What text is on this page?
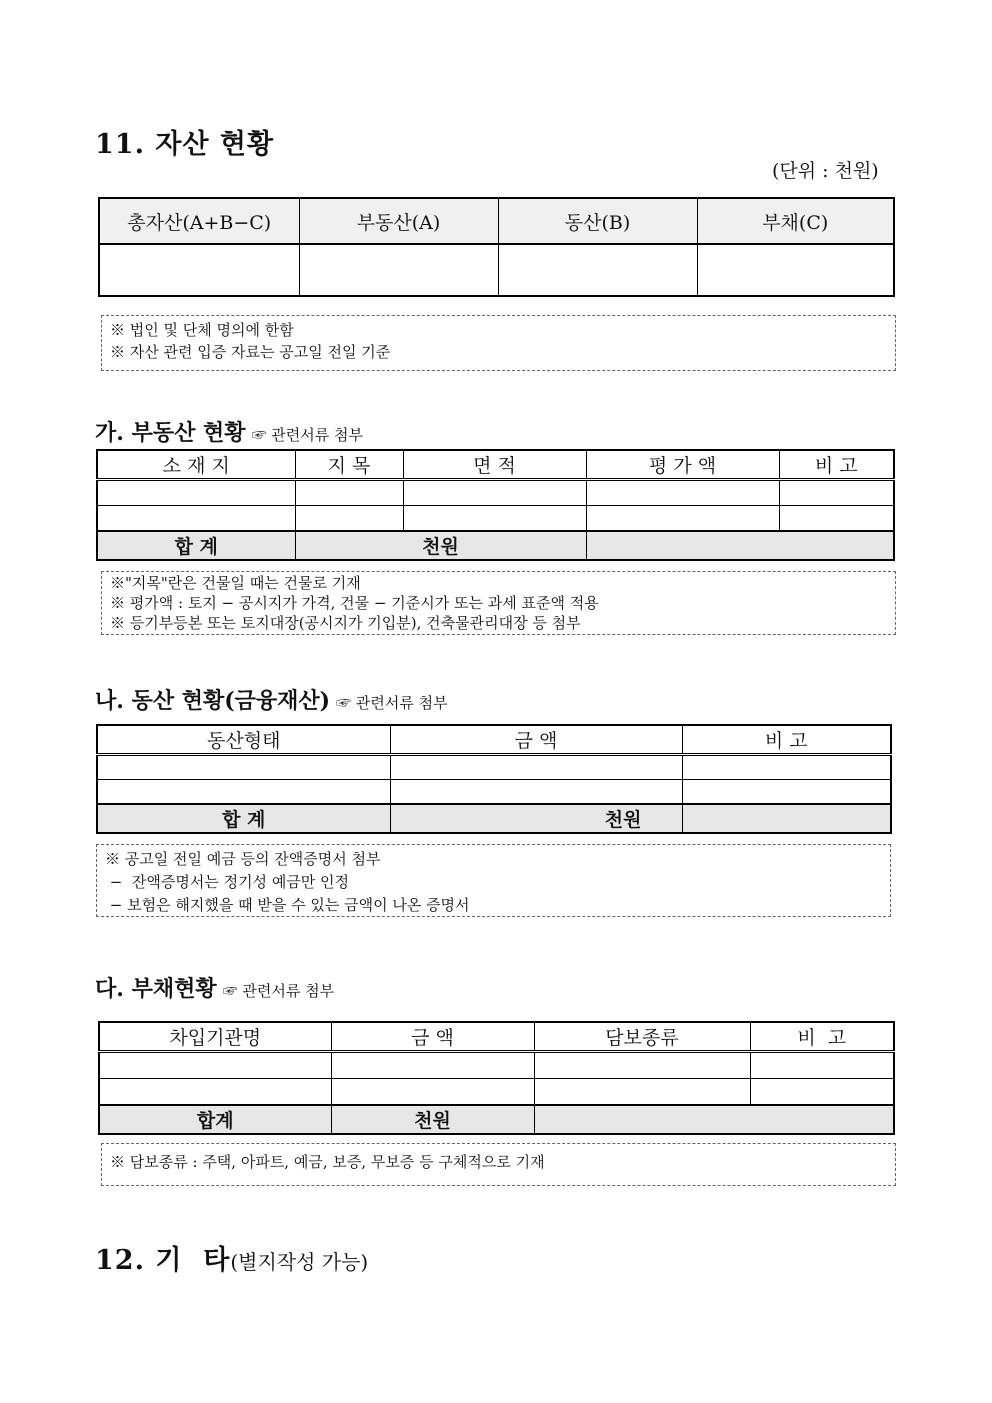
11. 자산 현황
(단위 : 천원)
총자산(A+B−C)	부동산(A)	동산(B)	부채(C)

※ 법인 및 단체 명의에 한함
※ 자산 관련 입증 자료는 공고일 전일 기준
가. 부동산 현황 ☞ 관련서류 첨부
소 재 지	지 목	면 적	평 가 액	비 고

합 계	천원			
※"지목"란은 건물일 때는 건물로 기재
※ 평가액 : 토지 − 공시지가 가격, 건물 − 기준시가 또는 과세 표준액 적용
※ 등기부등본 또는 토지대장(공시지가 기입분), 건축물관리대장 등 첨부
나. 동산 현황(금융재산) ☞ 관련서류 첨부
동산형태	금 액	비 고

합 계	천원	
※ 공고일 전일 예금 등의 잔액증명서 첨부
−  잔액증명서는 정기성 예금만 인정
− 보험은 해지했을 때 받을 수 있는 금액이 나온 증명서
다. 부채현황 ☞ 관련서류 첨부
차입기관명	금 액	담보종류	비  고

합계	천원		
※ 담보종류 : 주택, 아파트, 예금, 보증, 무보증 등 구체적으로 기재
12. 기  타(별지작성 가능)
